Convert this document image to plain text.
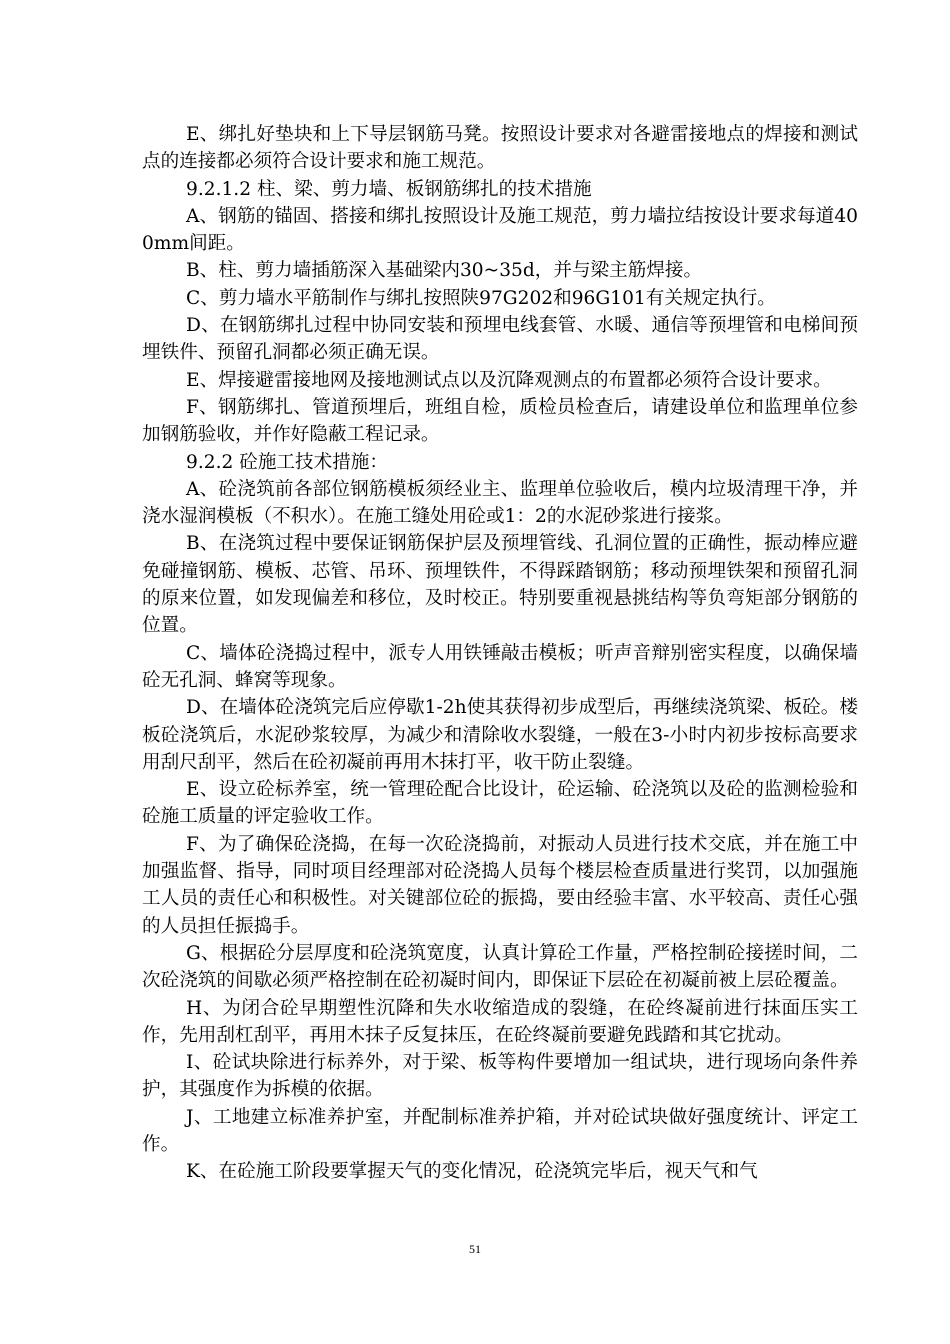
E、绑扎好垫块和上下导层钢筋马凳。按照设计要求对各避雷接地点的焊接和测试点的连接都必须符合设计要求和施工规范。

9.2.1.2 柱、梁、剪力墙、板钢筋绑扎的技术措施

A、钢筋的锚固、搭接和绑扎按照设计及施工规范，剪力墙拉结按设计要求每道400mm间距。

B、柱、剪力墙插筋深入基础梁内30~35d，并与梁主筋焊接。

C、剪力墙水平筋制作与绑扎按照陕97G202和96G101有关规定执行。

D、在钢筋绑扎过程中协同安装和预埋电线套管、水暖、通信等预埋管和电梯间预埋铁件、预留孔洞都必须正确无误。

E、焊接避雷接地网及接地测试点以及沉降观测点的布置都必须符合设计要求。

F、钢筋绑扎、管道预埋后，班组自检，质检员检查后，请建设单位和监理单位参加钢筋验收，并作好隐蔽工程记录。

9.2.2 砼施工技术措施：

A、砼浇筑前各部位钢筋模板须经业主、监理单位验收后，模内垃圾清理干净，并浇水湿润模板（不积水）。在施工缝处用砼或1：2的水泥砂浆进行接浆。

B、在浇筑过程中要保证钢筋保护层及预埋管线、孔洞位置的正确性，振动棒应避免碰撞钢筋、模板、芯管、吊环、预埋铁件，不得踩踏钢筋；移动预埋铁架和预留孔洞的原来位置，如发现偏差和移位，及时校正。特别要重视悬挑结构等负弯矩部分钢筋的位置。

C、墙体砼浇捣过程中，派专人用铁锤敲击模板；听声音辩别密实程度，以确保墙砼无孔洞、蜂窝等现象。

D、在墙体砼浇筑完后应停歇1-2h使其获得初步成型后，再继续浇筑梁、板砼。楼板砼浇筑后，水泥砂浆较厚，为减少和清除收水裂缝，一般在3-小时内初步按标高要求用刮尺刮平，然后在砼初凝前再用木抹打平，收干防止裂缝。

E、设立砼标养室，统一管理砼配合比设计，砼运输、砼浇筑以及砼的监测检验和砼施工质量的评定验收工作。

F、为了确保砼浇捣，在每一次砼浇捣前，对振动人员进行技术交底，并在施工中加强监督、指导，同时项目经理部对砼浇捣人员每个楼层检查质量进行奖罚，以加强施工人员的责任心和积极性。对关键部位砼的振捣，要由经验丰富、水平较高、责任心强的人员担任振捣手。

G、根据砼分层厚度和砼浇筑宽度，认真计算砼工作量，严格控制砼接搓时间，二次砼浇筑的间歇必须严格控制在砼初凝时间内，即保证下层砼在初凝前被上层砼覆盖。

H、为闭合砼早期塑性沉降和失水收缩造成的裂缝，在砼终凝前进行抹面压实工作，先用刮杠刮平，再用木抹子反复抹压，在砼终凝前要避免践踏和其它扰动。

I、砼试块除进行标养外，对于梁、板等构件要增加一组试块，进行现场向条件养护，其强度作为拆模的依据。

J、工地建立标准养护室，并配制标准养护箱，并对砼试块做好强度统计、评定工作。

K、在砼施工阶段要掌握天气的变化情况，砼浇筑完毕后，视天气和气

51
